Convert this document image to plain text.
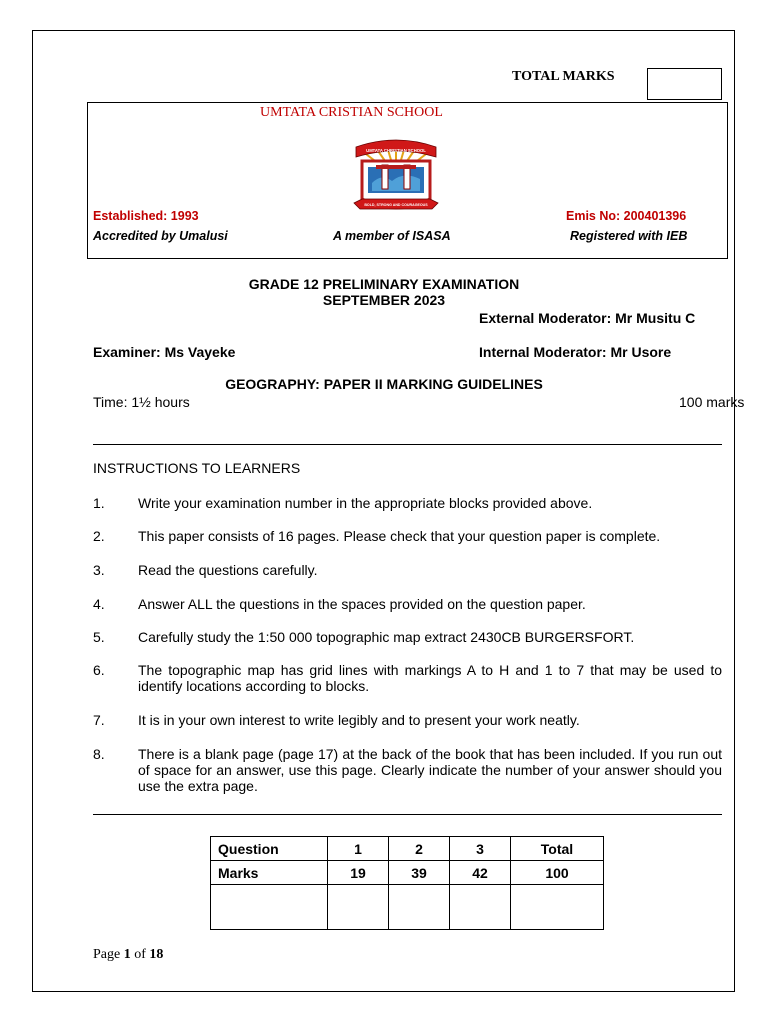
TOTAL MARKS
UMTATA CRISTIAN SCHOOL
UMTATA CHRISTIAN SCHOOL
BOLD, STRONG AND COURAGEOUS
Established: 1993	Emis No: 200401396
Accredited by Umalusi	A member of ISASA	Registered with IEB
GRADE 12 PRELIMINARY EXAMINATION
SEPTEMBER 2023
External Moderator: Mr Musitu C
Examiner: Ms Vayeke	Internal Moderator: Mr Usore
GEOGRAPHY: PAPER II MARKING GUIDELINES
Time: 1½ hours	100 marks
INSTRUCTIONS TO LEARNERS
1.	Write your examination number in the appropriate blocks provided above.
2.	This paper consists of 16 pages. Please check that your question paper is complete.
3.	Read the questions carefully.
4.	Answer ALL the questions in the spaces provided on the question paper.
5.	Carefully study the 1:50 000 topographic map extract 2430CB BURGERSFORT.
6.	The topographic map has grid lines with markings A to H and 1 to 7 that may be used to identify locations according to blocks.
7.	It is in your own interest to write legibly and to present your work neatly.
8.	There is a blank page (page 17) at the back of the book that has been included. If you run out of space for an answer, use this page. Clearly indicate the number of your answer should you use the extra page.
Question	1	2	3	Total
Marks	19	39	42	100

Page 1 of 18
